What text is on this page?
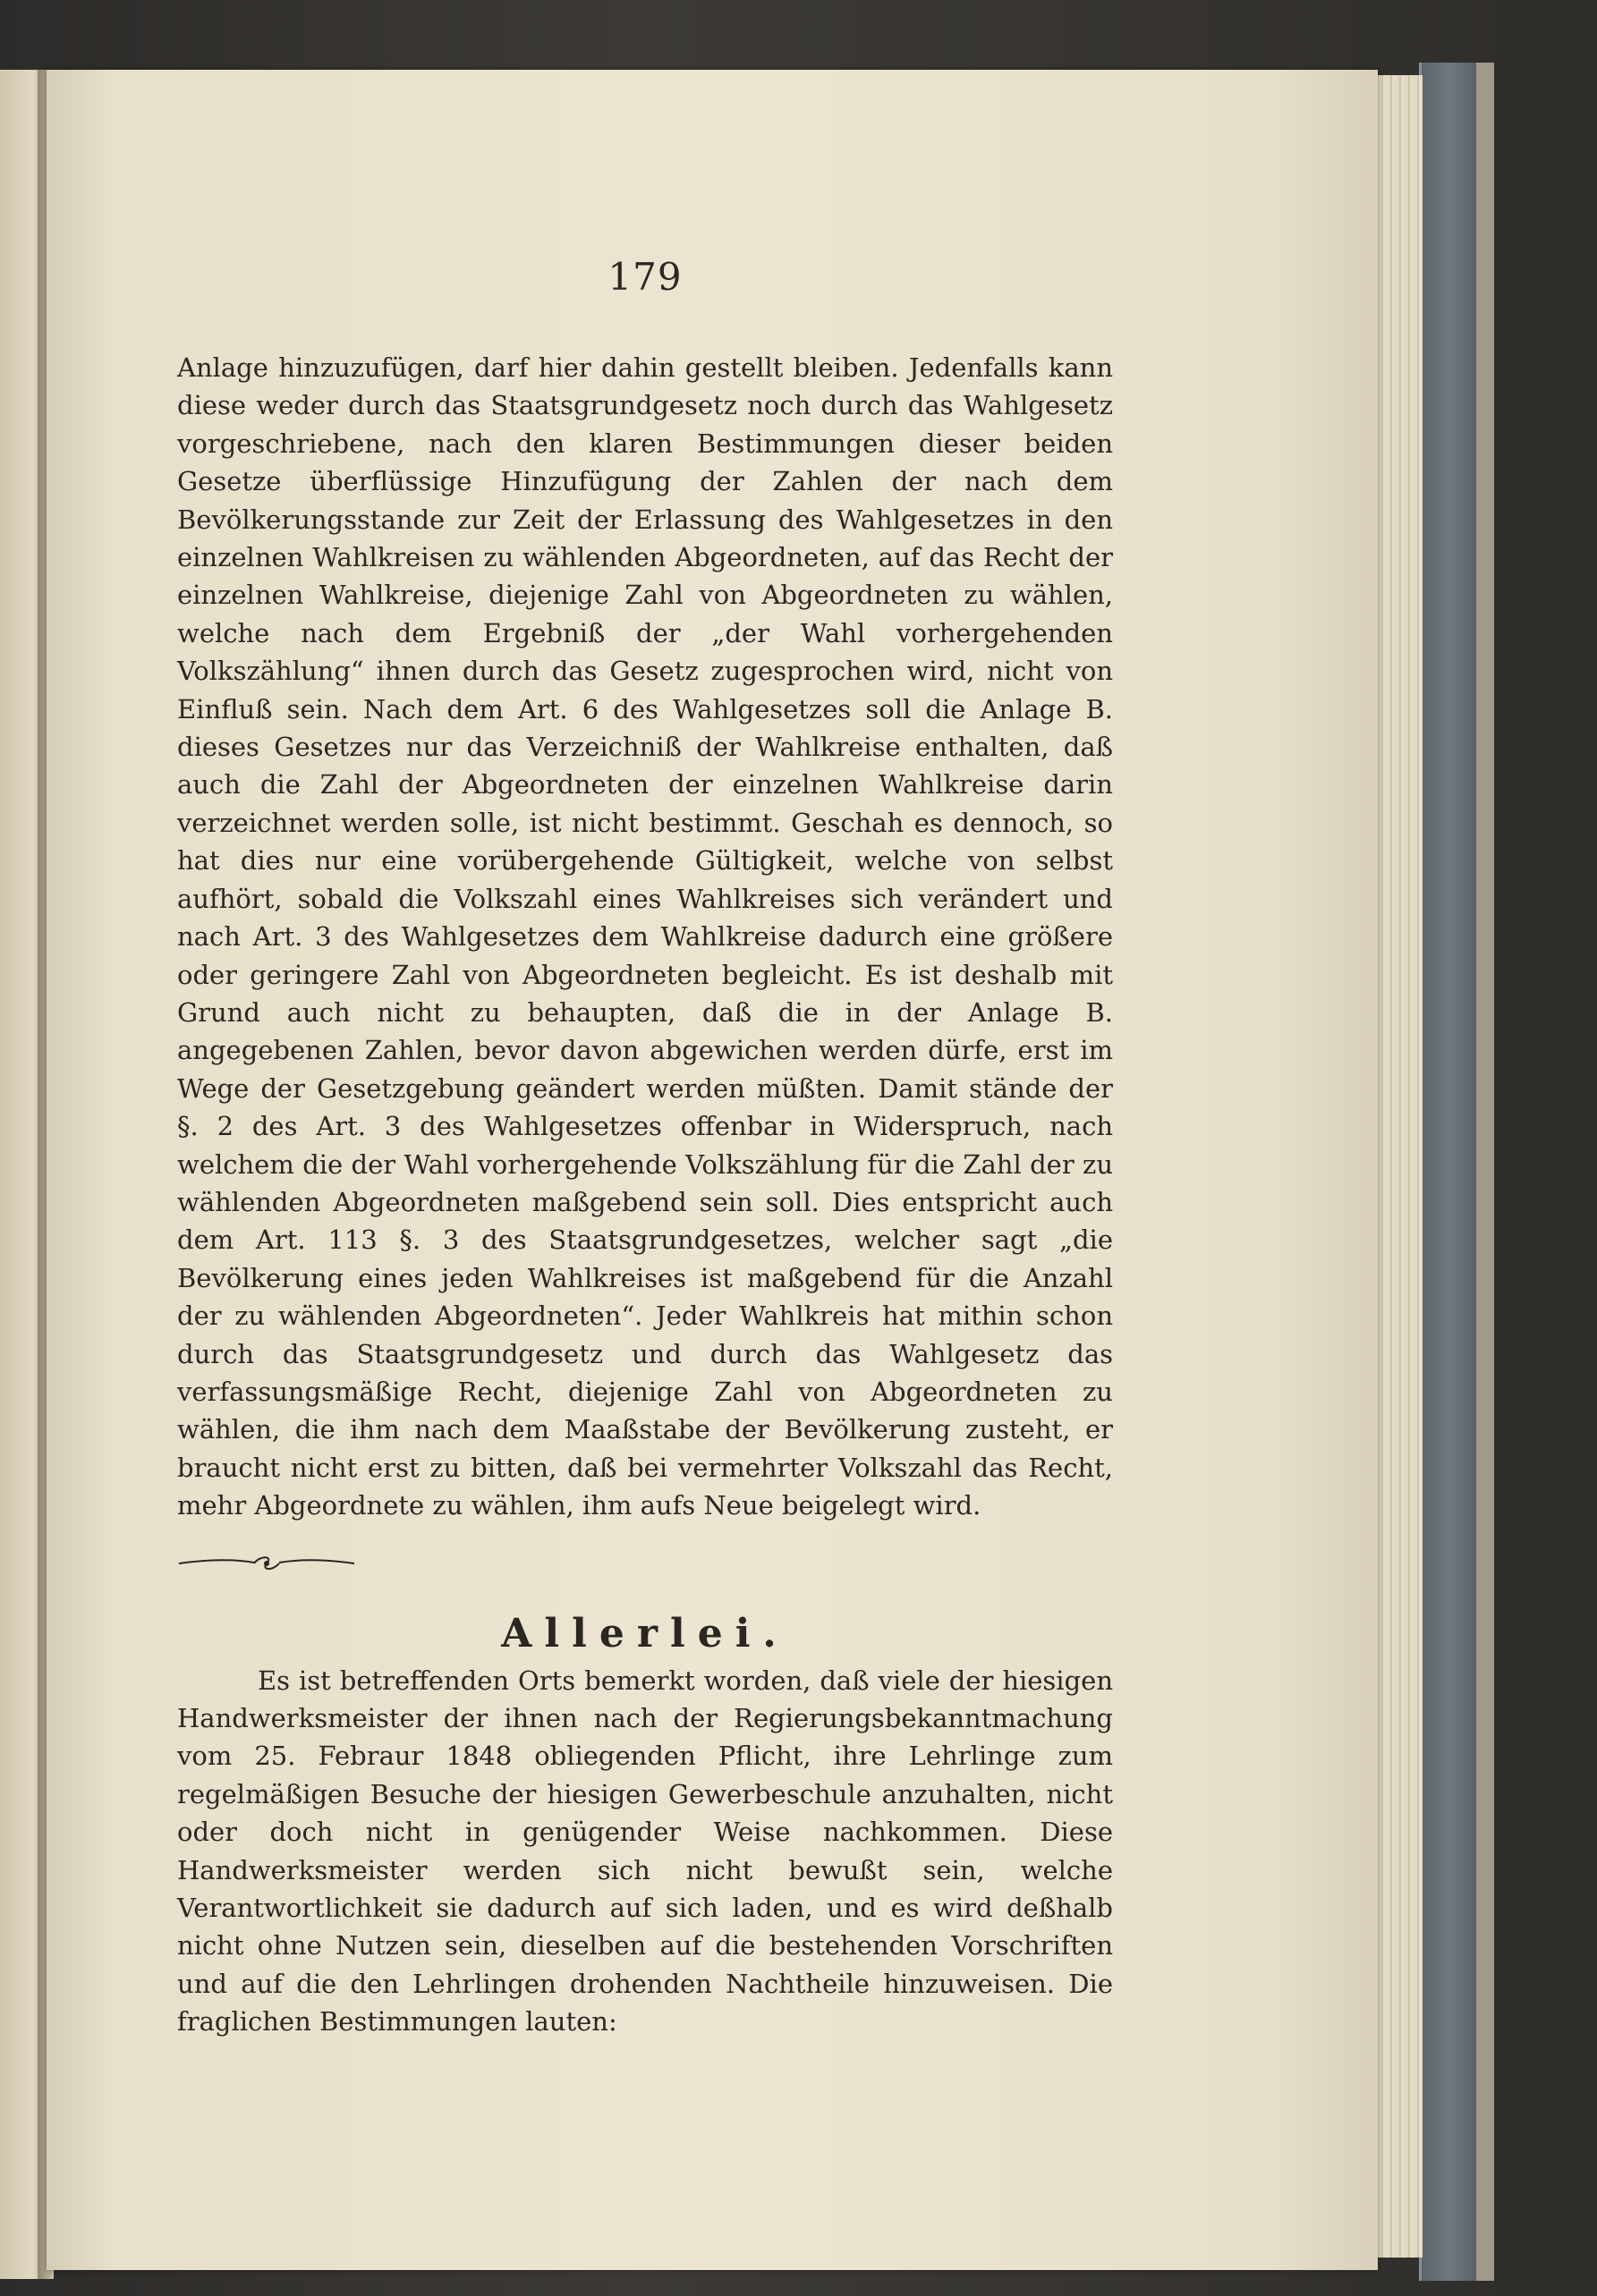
179

Anlage hinzuzufügen, darf hier dahin gestellt bleiben. Jedenfalls kann diese weder durch das Staatsgrundgesetz noch durch das Wahlgesetz vorgeschriebene, nach den klaren Bestimmungen dieser beiden Gesetze überflüssige Hinzufügung der Zahlen der nach dem Bevölkerungsstande zur Zeit der Erlassung des Wahlgesetzes in den einzelnen Wahlkreisen zu wählenden Abgeordneten, auf das Recht der einzelnen Wahlkreise, diejenige Zahl von Abgeordneten zu wählen, welche nach dem Ergebniß der „der Wahl vorhergehenden Volkszählung“ ihnen durch das Gesetz zugesprochen wird, nicht von Einfluß sein. Nach dem Art. 6 des Wahlgesetzes soll die Anlage B. dieses Gesetzes nur das Verzeichniß der Wahlkreise enthalten, daß auch die Zahl der Abgeordneten der einzelnen Wahlkreise darin verzeichnet werden solle, ist nicht bestimmt. Geschah es dennoch, so hat dies nur eine vorübergehende Gültigkeit, welche von selbst aufhört, sobald die Volkszahl eines Wahlkreises sich verändert und nach Art. 3 des Wahlgesetzes dem Wahlkreise dadurch eine größere oder geringere Zahl von Abgeordneten begleicht. Es ist deshalb mit Grund auch nicht zu behaupten, daß die in der Anlage B. angegebenen Zahlen, bevor davon abgewichen werden dürfe, erst im Wege der Gesetzgebung geändert werden müßten. Damit stände der §. 2 des Art. 3 des Wahlgesetzes offenbar in Widerspruch, nach welchem die der Wahl vorhergehende Volkszählung für die Zahl der zu wählenden Abgeordneten maßgebend sein soll. Dies entspricht auch dem Art. 113 §. 3 des Staatsgrundgesetzes, welcher sagt „die Bevölkerung eines jeden Wahlkreises ist maßgebend für die Anzahl der zu wählenden Abgeordneten“. Jeder Wahlkreis hat mithin schon durch das Staatsgrundgesetz und durch das Wahlgesetz das verfassungsmäßige Recht, diejenige Zahl von Abgeordneten zu wählen, die ihm nach dem Maaßstabe der Bevölkerung zusteht, er braucht nicht erst zu bitten, daß bei vermehrter Volkszahl das Recht, mehr Abgeordnete zu wählen, ihm aufs Neue beigelegt wird.

Allerlei.

Es ist betreffenden Orts bemerkt worden, daß viele der hiesigen Handwerksmeister der ihnen nach der Regierungsbekanntmachung vom 25. Febraur 1848 obliegenden Pflicht, ihre Lehrlinge zum regelmäßigen Besuche der hiesigen Gewerbeschule anzuhalten, nicht oder doch nicht in genügender Weise nachkommen. Diese Handwerksmeister werden sich nicht bewußt sein, welche Verantwortlichkeit sie dadurch auf sich laden, und es wird deßhalb nicht ohne Nutzen sein, dieselben auf die bestehenden Vorschriften und auf die den Lehrlingen drohenden Nachtheile hinzuweisen. Die fraglichen Bestimmungen lauten:
